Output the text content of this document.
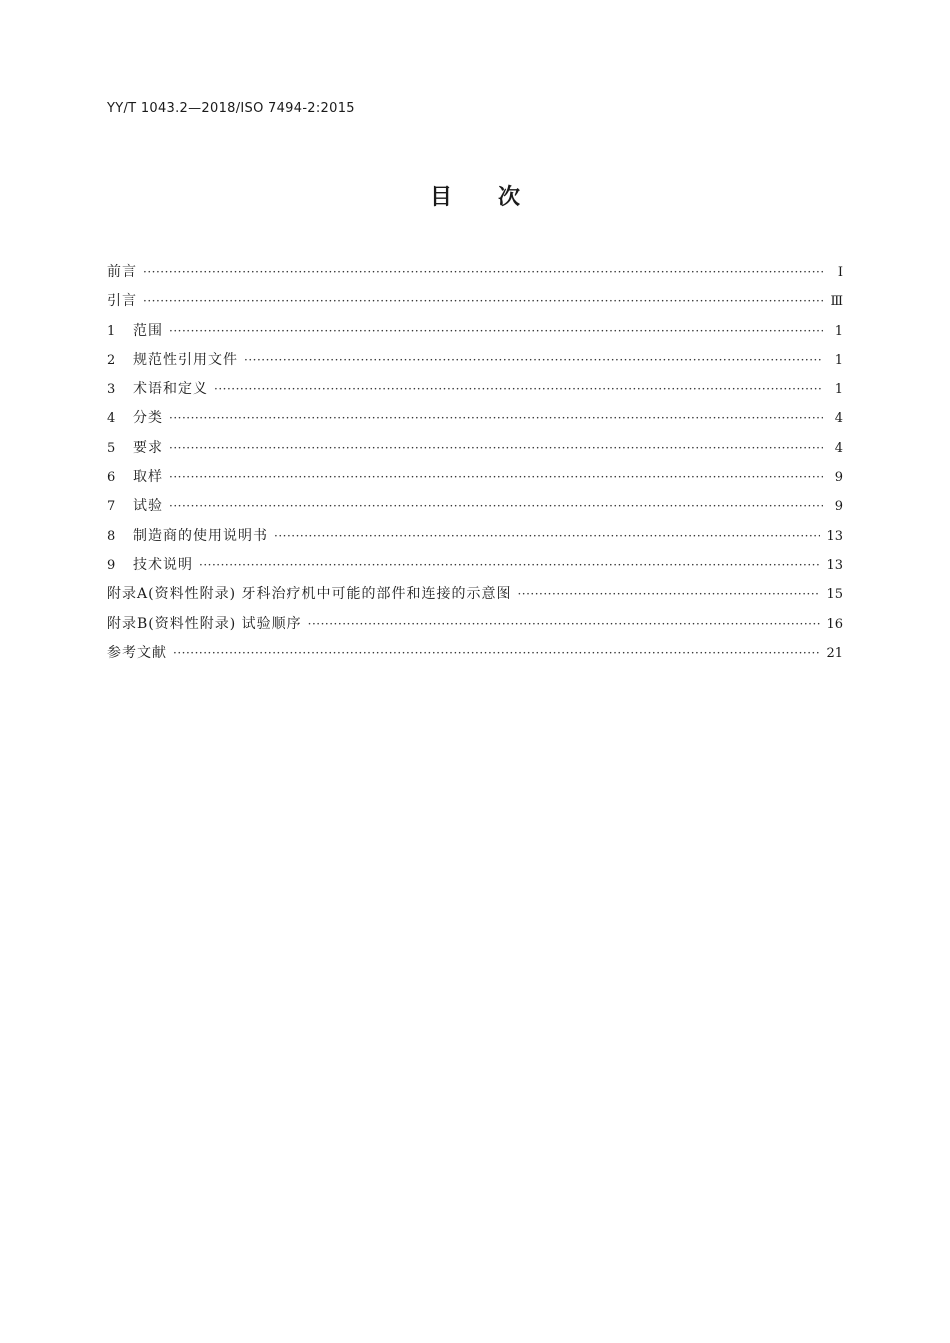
YY/T 1043.2—2018/ISO 7494-2:2015
目次
前言 ·····	Ⅰ
引言 ·····	Ⅲ
1	范围 ·····	1
2	规范性引用文件 ·····	1
3	术语和定义 ·····	1
4	分类 ·····	4
5	要求 ·····	4
6	取样 ·····	9
7	试验 ·····	9
8	制造商的使用说明书 ·····	13
9	技术说明 ·····	13
附录A(资料性附录) 牙科治疗机中可能的部件和连接的示意图 ·····	15
附录B(资料性附录) 试验顺序 ·····	16
参考文献 ·····	21
